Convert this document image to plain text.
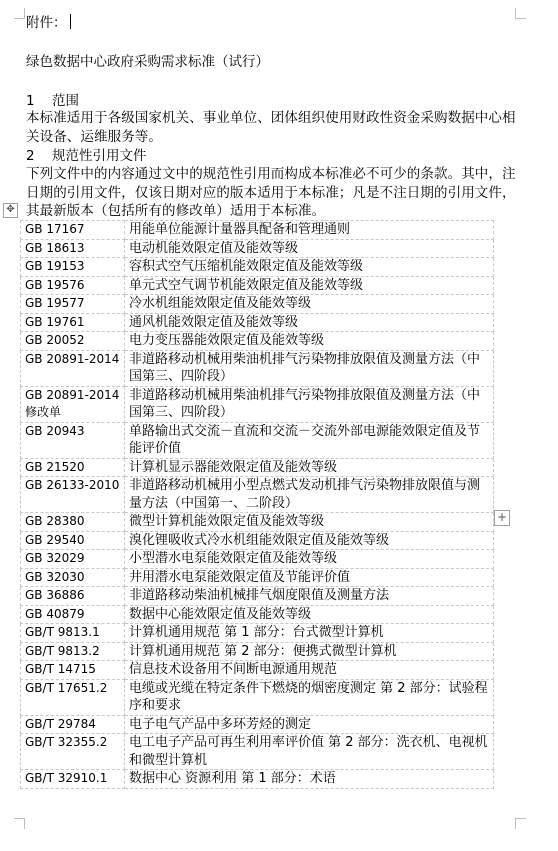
附件：
绿色数据中心政府采购需求标准（试行）
1 范围
本标准适用于各级国家机关、事业单位、团体组织使用财政性资金采购数据中心相关设备、运维服务等。
2 规范性引用文件
下列文件中的内容通过文中的规范性引用而构成本标准必不可少的条款。其中，注日期的引用文件，仅该日期对应的版本适用于本标准；凡是不注日期的引用文件，其最新版本（包括所有的修改单）适用于本标准。
✥
GB 17167	用能单位能源计量器具配备和管理通则
GB 18613	电动机能效限定值及能效等级
GB 19153	容积式空气压缩机能效限定值及能效等级
GB 19576	单元式空气调节机能效限定值及能效等级
GB 19577	冷水机组能效限定值及能效等级
GB 19761	通风机能效限定值及能效等级
GB 20052	电力变压器能效限定值及能效等级
GB 20891-2014	非道路移动机械用柴油机排气污染物排放限值及测量方法（中国第三、四阶段）
GB 20891-2014 修改单	非道路移动机械用柴油机排气污染物排放限值及测量方法（中国第三、四阶段）
GB 20943	单路输出式交流－直流和交流－交流外部电源能效限定值及节能评价值
GB 21520	计算机显示器能效限定值及能效等级
GB 26133-2010	非道路移动机械用小型点燃式发动机排气污染物排放限值与测量方法（中国第一、二阶段）
GB 28380	微型计算机能效限定值及能效等级
GB 29540	溴化锂吸收式冷水机组能效限定值及能效等级
GB 32029	小型潜水电泵能效限定值及能效等级
GB 32030	井用潜水电泵能效限定值及节能评价值
GB 36886	非道路移动柴油机械排气烟度限值及测量方法
GB 40879	数据中心能效限定值及能效等级
GB/T 9813.1	计算机通用规范 第 1 部分：台式微型计算机
GB/T 9813.2	计算机通用规范 第 2 部分：便携式微型计算机
GB/T 14715	信息技术设备用不间断电源通用规范
GB/T 17651.2	电缆或光缆在特定条件下燃烧的烟密度测定 第 2 部分：试验程序和要求
GB/T 29784	电子电气产品中多环芳烃的测定
GB/T 32355.2	电工电子产品可再生利用率评价值 第 2 部分：洗衣机、电视机和微型计算机
GB/T 32910.1	数据中心 资源利用 第 1 部分：术语
+
